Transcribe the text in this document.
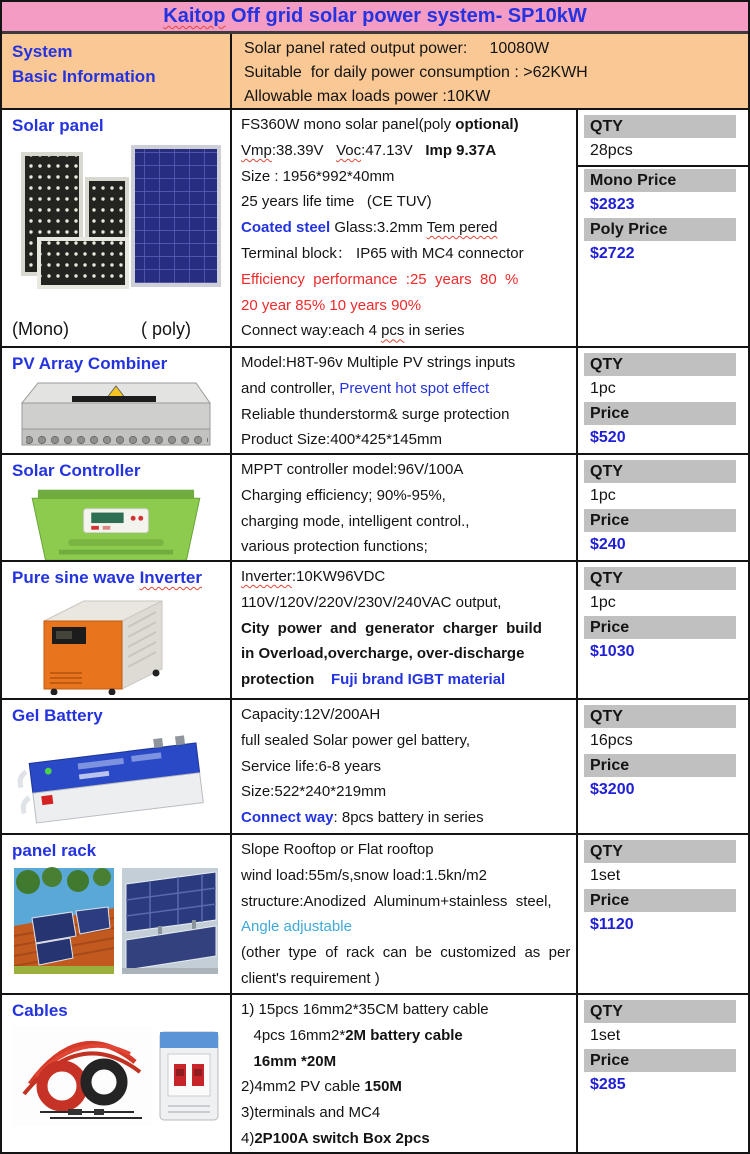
Kaitop Off grid solar power system- SP10kW
System
Basic Information
Solar panel rated output power:     10080W
Suitable  for daily power consumption : >62KWH
Allowable max loads power :10KW
Solar panel
(Mono)	( poly)
FS360W mono solar panel(poly optional)
Vmp:38.39V   Voc:47.13V   Imp 9.37A
Size : 1956*992*40mm
25 years life time   (CE TUV)
Coated steel Glass:3.2mm Tem pered
Terminal block： IP65 with MC4 connector
Efficiency  performance  :25  years  80  %
20 year 85% 10 years 90%
Connect way:each 4 pcs in series
QTY
28pcs
Mono Price
$2823
Poly Price
$2722
PV Array Combiner	Model:H8T-96v Multiple PV strings inputs
and controller, Prevent hot spot effect
Reliable thunderstorm& surge protection
Product Size:400*425*145mm
QTY
1pc
Price
$520
Solar Controller	MPPT controller model:96V/100A
Charging efficiency; 90%-95%,
charging mode, intelligent control.,
various protection functions;
QTY
1pc
Price
$240
Pure sine wave Inverter	Inverter:10KW96VDC
110V/120V/220V/230V/240VAC output,
City  power  and  generator  charger  build
in Overload,overcharge, over-discharge
protection Fuji brand IGBT material
QTY
1pc
Price
$1030
Gel Battery	Capacity:12V/200AH
full sealed Solar power gel battery,
Service life:6-8 years
Size:522*240*219mm
Connect way: 8pcs battery in series
QTY
16pcs
Price
$3200
panel rack	Slope Rooftop or Flat rooftop
wind load:55m/s,snow load:1.5kn/m2
structure:Anodized  Aluminum+stainless  steel,
Angle adjustable
(other  type  of  rack  can  be  customized  as  per
client's requirement )
QTY
1set
Price
$1120
Cables	1) 15pcs 16mm2*35CM battery cable
4pcs 16mm2*2M battery cable
16mm *20M
2)4mm2 PV cable 150M
3)terminals and MC4
4)2P100A switch Box 2pcs
QTY
1set
Price
$285
